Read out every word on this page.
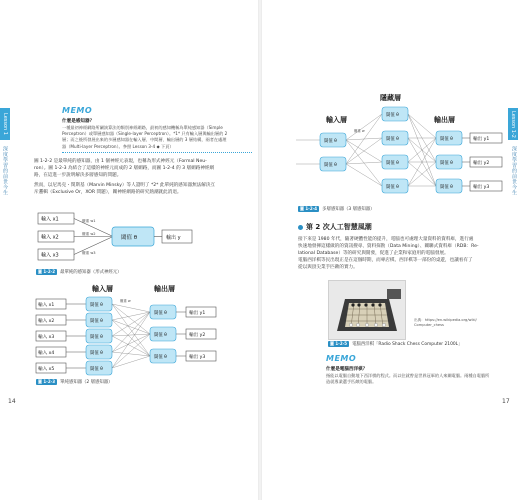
Lesson 1
深度學習的前世今生
MEMO
什麼是感知器？
一種最初神經網路所屬演算法的類別神經網路，最初的感知機稱為單純感知器（Simple
Perceptron）或單層感知器（Single-layer Perceptron）。*1* 只有輸入層與輸出層的 2
層；而之後所發展出來的多層感知器在輸入層、中間層、輸出層的 3 層結構，兩者在處理
器（Multi-layer Perceptron）。參照 Lesson 3-4 ◆ 下頁）
圖 1-2-2 是最單純的感知器，由 1 個神經元表現，也稱為形式神經元（Formal Neu-
ron）。圖 1-2-3 為結合了這樣的神經元而成的 2 層網路，而圖 1-2-4 的 3 層網路神經網
路，在這進一步說明解決多層感知的問題。
然而，以尼馬克・閔斯基（Marvin Minsky）等人證明了 *2* 此單純的感知器無法解決互
斥邏輯（Exclusive Or，XOR 問題），關神經網路的研究熱潮就此消退。
輸入 x1
輸入 x2
輸入 x3
權重 w1
權重 w2
權重 w3
閾值 θ	輸出 y
圖 1-2-2	最單純的感知器（形式神經元）
輸入層	輸出層
輸入 x1	閾值 θ
輸入 x2	閾值 θ
輸入 x3	閾值 θ
輸入 x4	閾值 θ
輸入 x5	閾值 θ
權重 w
閾值 θ	輸出 y1
閾值 θ	輸出 y2
閾值 θ	輸出 y3
圖 1-2-3	單純感知器（2 層感知器）
14
Lesson 1-2
深度學習的前世今生
輸入層
隱藏層
輸出層
閾值 θ
閾值 θ
閾值 θ
閾值 θ
閾值 θ
閾值 θ
閾值 θ
閾值 θ
閾值 θ
輸出 y1
輸出 y2
輸出 y3
權重 w
圖 1-2-4	多層感知器（3 層感知器）
第 2 次人工智慧風潮
接下來是 1980 年代，隨著硬體性能的提升，電腦也可處理大量資料的資料庫，進行處
快速地發揮這樣做的的資訊搜尋、資料探勘（Data Mining）、關聯式資料庫（RDB：Re-
lational Database）等的研究與開發，促進了企業和家庭用的電腦發展。
電腦西洋棋等民出現正是在這個時期，而專店棋、西洋棋等一部份的桌遊，也讓看有了
從以與頂尖業手匹敵的實力。
出典：https://en.wikipedia.org/wiki/
Computer_chess
圖 1-2-5	電腦西洋棋「Radio Shack Chess Computer 2100L」
MEMO
什麼是電腦西洋棋？
指能以電腦自動地下西洋棋的程式。而以往就曾是世界冠軍的人來關電腦。兩種自電腦所
造就專業選手匹敵的電腦。
17
